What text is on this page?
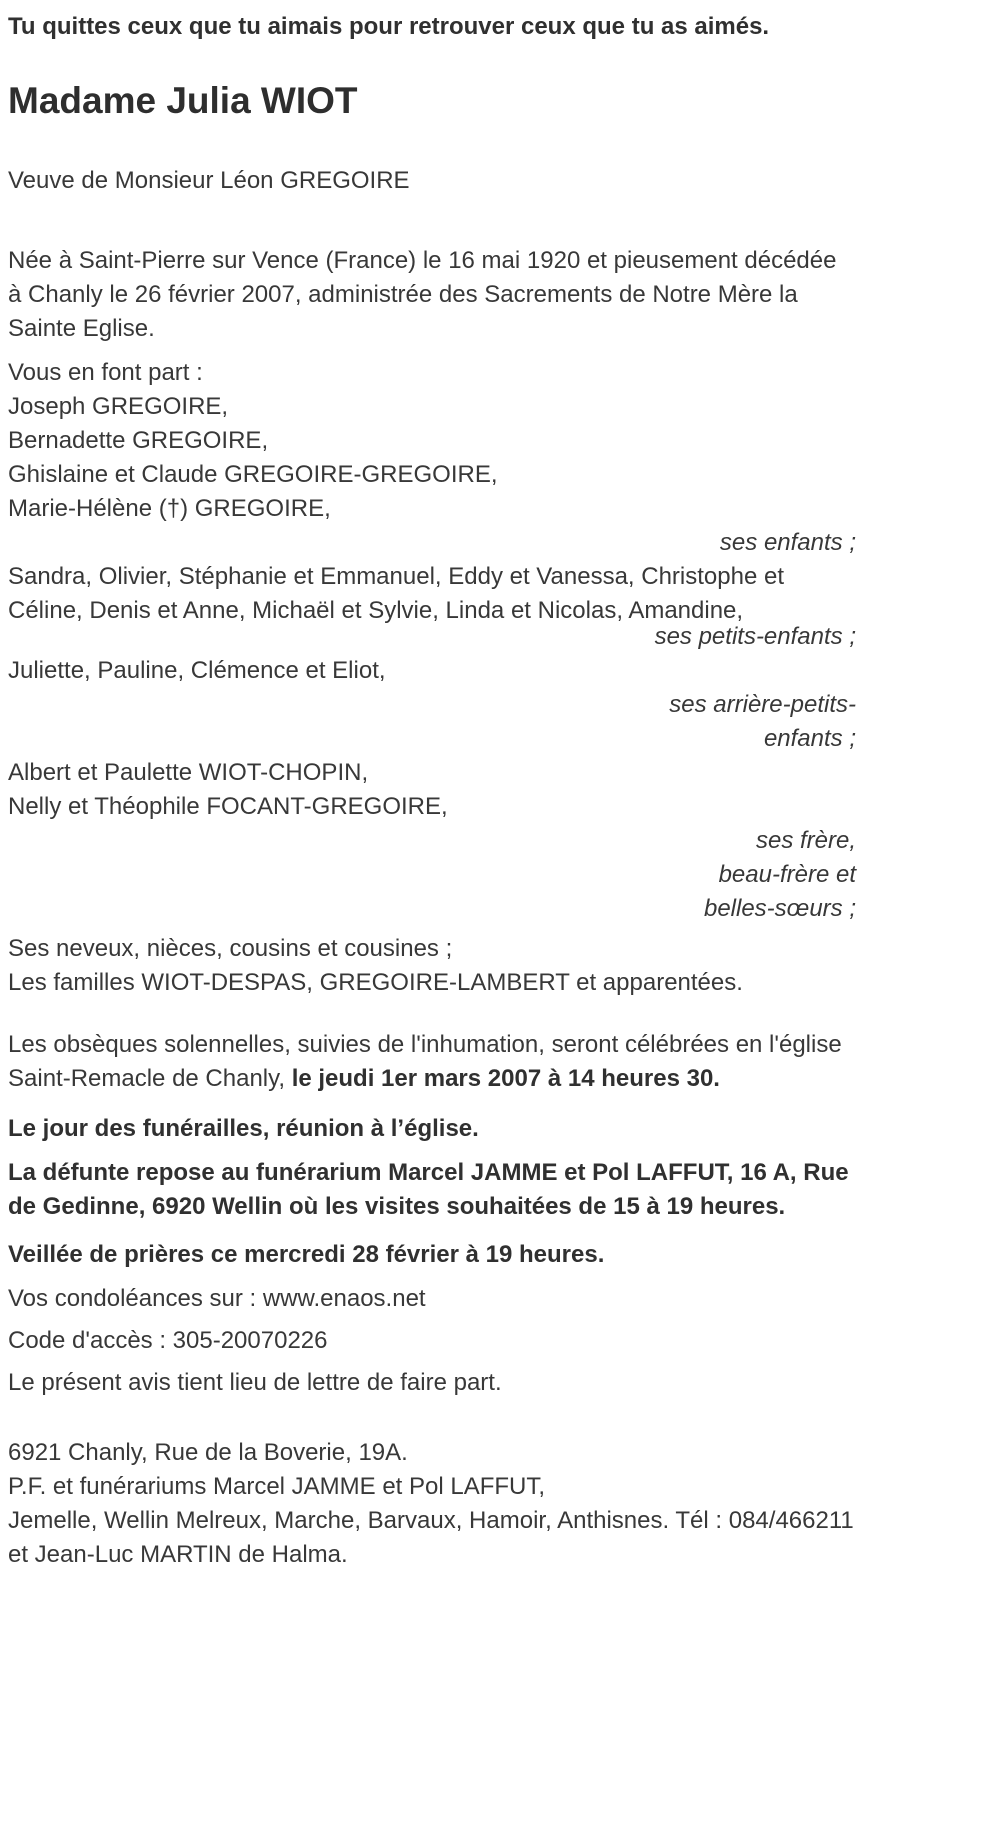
Tu quittes ceux que tu aimais pour retrouver ceux que tu as aimés.

Madame Julia WIOT

Veuve de Monsieur Léon GREGOIRE

Née à Saint-Pierre sur Vence (France) le 16 mai 1920 et pieusement décédée à Chanly le 26 février 2007, administrée des Sacrements de Notre Mère la Sainte Eglise.

Vous en font part :
Joseph GREGOIRE,
Bernadette GREGOIRE,
Ghislaine et Claude GREGOIRE-GREGOIRE,
Marie-Hélène (†) GREGOIRE,
ses enfants ;

Sandra, Olivier, Stéphanie et Emmanuel, Eddy et Vanessa, Christophe et Céline, Denis et Anne, Michaël et Sylvie, Linda et Nicolas, Amandine,

ses petits-enfants ;

Juliette, Pauline, Clémence et Eliot,

ses arrière-petits-
enfants ;
Albert et Paulette WIOT-CHOPIN,
Nelly et Théophile FOCANT-GREGOIRE,
ses frère,
beau-frère et
belles-sœurs ;
Ses neveux, nièces, cousins et cousines ;
Les familles WIOT-DESPAS, GREGOIRE-LAMBERT et apparentées.

Les obsèques solennelles, suivies de l'inhumation, seront célébrées en l'église Saint-Remacle de Chanly, le jeudi 1er mars 2007 à 14 heures 30.

Le jour des funérailles, réunion à l’église.

La défunte repose au funérarium Marcel JAMME et Pol LAFFUT, 16 A, Rue de Gedinne, 6920 Wellin où les visites souhaitées de 15 à 19 heures.

Veillée de prières ce mercredi 28 février à 19 heures.

Vos condoléances sur : www.enaos.net

Code d'accès : 305-20070226

Le présent avis tient lieu de lettre de faire part.

6921 Chanly, Rue de la Boverie, 19A.
P.F. et funérariums Marcel JAMME et Pol LAFFUT,
Jemelle, Wellin Melreux, Marche, Barvaux, Hamoir, Anthisnes. Tél : 084/466211
et Jean-Luc MARTIN de Halma.
